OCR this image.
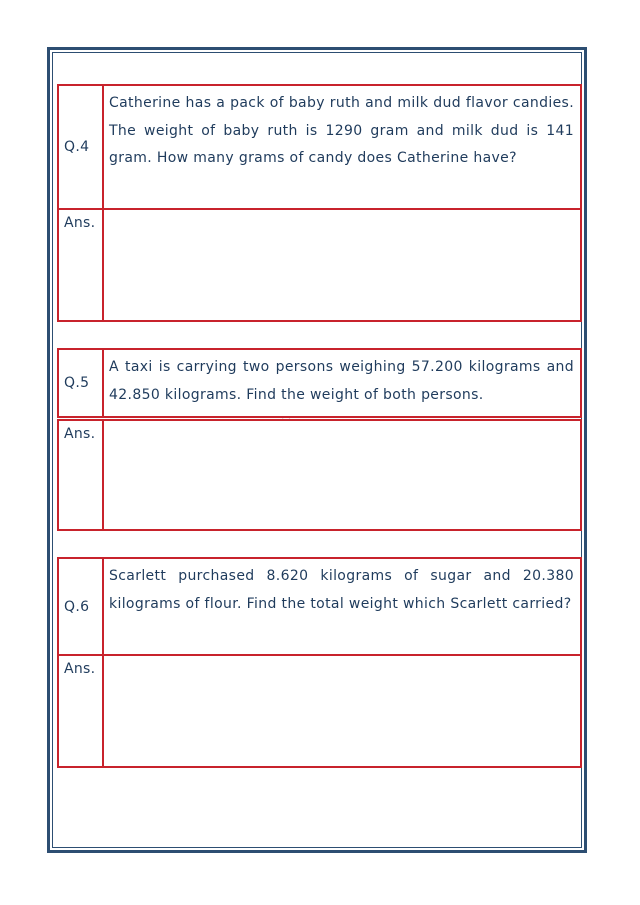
Q.4
Catherine has a pack of baby ruth and milk dud flavor candies. The weight of baby ruth is 1290 gram and milk dud is 141 gram. How many grams of candy does Catherine have?
Ans.
Q.5
A taxi is carrying two persons weighing 57.200 kilograms and 42.850 kilograms. Find the weight of both persons.
Ans.
Q.6
Scarlett purchased 8.620 kilograms of sugar and 20.380 kilograms of flour. Find the total weight which Scarlett carried?
Ans.
